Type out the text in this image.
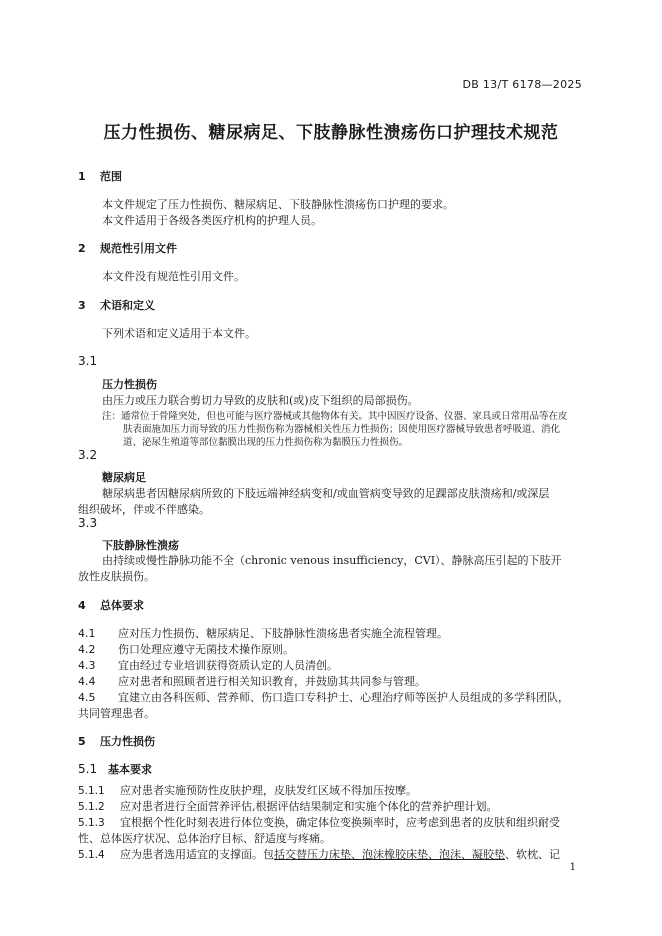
DB 13/T 6178—2025
压力性损伤、糖尿病足、下肢静脉性溃疡伤口护理技术规范
1 范围
本文件规定了压力性损伤、糖尿病足、下肢静脉性溃疡伤口护理的要求。
本文件适用于各级各类医疗机构的护理人员。
2 规范性引用文件
本文件没有规范性引用文件。
3 术语和定义
下列术语和定义适用于本文件。
3.1
压力性损伤
由压力或压力联合剪切力导致的皮肤和(或)皮下组织的局部损伤。
注：通常位于骨隆突处，但也可能与医疗器械或其他物体有关。其中因医疗设备、仪器、家具或日常用品等在皮
肤表面施加压力而导致的压力性损伤称为器械相关性压力性损伤；因使用医疗器械导致患者呼吸道、消化
道、泌尿生殖道等部位黏膜出现的压力性损伤称为黏膜压力性损伤。
3.2
糖尿病足
糖尿病患者因糖尿病所致的下肢远端神经病变和/或血管病变导致的足踝部皮肤溃疡和/或深层
组织破坏，伴或不伴感染。
3.3
下肢静脉性溃疡
由持续或慢性静脉功能不全（chronic venous insufficiency，CVI）、静脉高压引起的下肢开
放性皮肤损伤。
4 总体要求
4.1 应对压力性损伤、糖尿病足、下肢静脉性溃疡患者实施全流程管理。
4.2 伤口处理应遵守无菌技术操作原则。
4.3 宜由经过专业培训获得资质认定的人员清创。
4.4 应对患者和照顾者进行相关知识教育，并鼓励其共同参与管理。
4.5 宜建立由各科医师、营养师、伤口造口专科护士、心理治疗师等医护人员组成的多学科团队，
共同管理患者。
5 压力性损伤
5.1 基本要求
5.1.1 应对患者实施预防性皮肤护理，皮肤发红区域不得加压按摩。
5.1.2 应对患者进行全面营养评估,根据评估结果制定和实施个体化的营养护理计划。
5.1.3 宜根据个性化时刻表进行体位变换，确定体位变换频率时，应考虑到患者的皮肤和组织耐受
性、总体医疗状况、总体治疗目标、舒适度与疼痛。
5.1.4 应为患者选用适宜的支撑面。包括交替压力床垫、泡沫橡胶床垫、泡沫、凝胶垫、软枕、记
1
